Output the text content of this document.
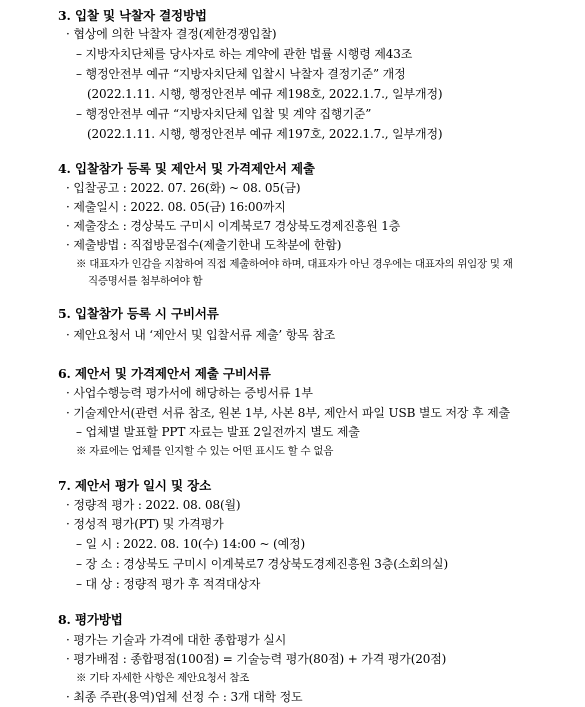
3. 입찰 및 낙찰자 결정방법
· 협상에 의한 낙찰자 결정(제한경쟁입찰)
– 지방자치단체를 당사자로 하는 계약에 관한 법률 시행령 제43조
– 행정안전부 예규 “지방자치단체 입찰시 낙찰자 결정기준” 개정
(2022.1.11. 시행, 행정안전부 예규 제198호, 2022.1.7., 일부개정)
– 행정안전부 예규 “지방자치단체 입찰 및 계약 집행기준”
(2022.1.11. 시행, 행정안전부 예규 제197호, 2022.1.7., 일부개정)
4. 입찰참가 등록 및 제안서 및 가격제안서 제출
· 입찰공고 : 2022. 07. 26(화) ~ 08. 05(금)
· 제출일시 : 2022. 08. 05(금) 16:00까지
· 제출장소 : 경상북도 구미시 이계북로7 경상북도경제진흥원 1층
· 제출방법 : 직접방문접수(제출기한내 도착분에 한함)
※ 대표자가 인감을 지참하여 직접 제출하여야 하며, 대표자가 아닌 경우에는 대표자의 위임장 및 재
직증명서를 첨부하여야 함
5. 입찰참가 등록 시 구비서류
· 제안요청서 내 ‘제안서 및 입찰서류 제출’ 항목 참조
6. 제안서 및 가격제안서 제출 구비서류
· 사업수행능력 평가서에 해당하는 증빙서류 1부
· 기술제안서(관련 서류 참조, 원본 1부, 사본 8부, 제안서 파일 USB 별도 저장 후 제출
– 업체별 발표할 PPT 자료는 발표 2일전까지 별도 제출
※ 자료에는 업체를 인지할 수 있는 어떤 표시도 할 수 없음
7. 제안서 평가 일시 및 장소
· 정량적 평가 : 2022. 08. 08(월)
· 정성적 평가(PT) 및 가격평가
– 일 시 : 2022. 08. 10(수) 14:00 ~ (예정)
– 장 소 : 경상북도 구미시 이계북로7 경상북도경제진흥원 3층(소회의실)
– 대 상 : 정량적 평가 후 적격대상자
8. 평가방법
· 평가는 기술과 가격에 대한 종합평가 실시
· 평가배점 : 종합평점(100점) = 기술능력 평가(80점) + 가격 평가(20점)
※ 기타 자세한 사항은 제안요청서 참조
· 최종 주관(용역)업체 선정 수 : 3개 대학 정도
